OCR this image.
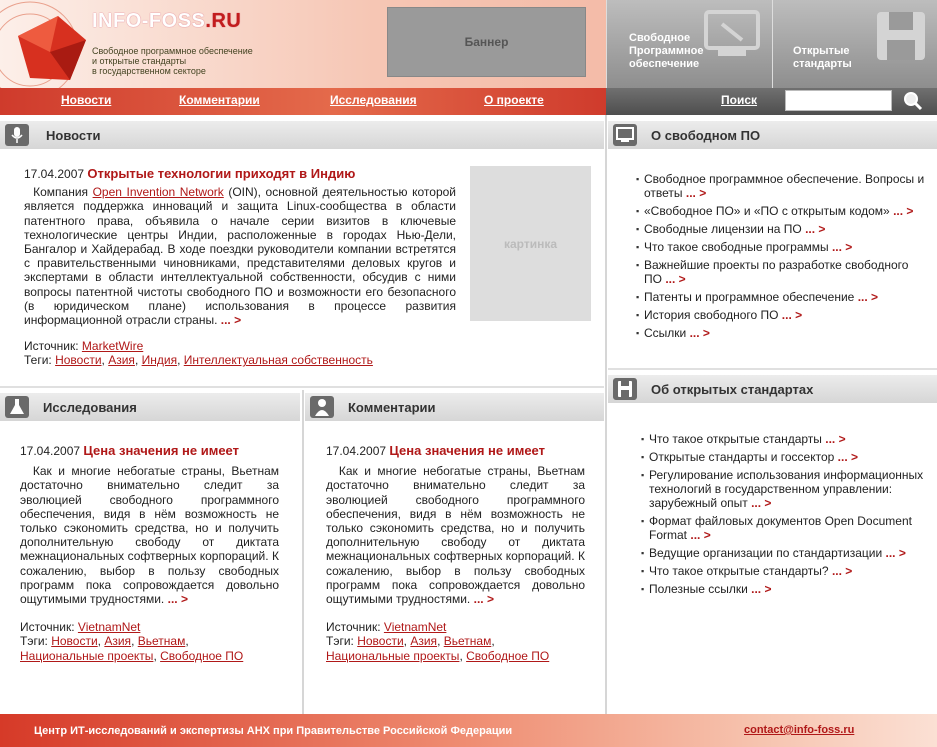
INFO-FOSS.RU
Свободное программное обеспечение
и открытые стандарты
в государственном секторе
Баннер	Свободное
Программное
обеспечение
Открытые
стандарты
Новости	Комментарии	Исследования	О проекте	Поиск
Новости
17.04.2007 Открытые технологии приходят в Индию

Компания Open Invention Network (OIN), основной деятельностью которой является поддержка инноваций и защита Linux-сообщества в области патентного права, объявила о начале серии визитов в ключевые технологические центры Индии, расположенные в городах Нью-Дели, Бангалор и Хайдерабад. В ходе поездки руководители компании встретятся с правительственными чиновниками, представителями деловых кругов и экспертами в области интеллектуальной собственности, обсудив с ними вопросы патентной чистоты свободного ПО и возможности его безопасного (в юридическом плане) использования в процессе развития информационной отрасли страны. ... >

Источник: MarketWire
Теги: Новости, Азия, Индия, Интеллектуальная собственность
картинка
Исследования
17.04.2007 Цена значения не имеет

Как и многие небогатые страны, Вьетнам достаточно внимательно следит за эволюцией свободного программного обеспечения, видя в нём возможность не только сэкономить средства, но и получить дополнительную свободу от диктата межнациональных софтверных корпораций. К сожалению, выбор в пользу свободных программ пока сопровождается довольно ощутимыми трудностями. ... >

Источник: VietnamNet
Тэги: Новости, Азия, Вьетнам,
Национальные проекты, Свободное ПО
Комментарии
17.04.2007 Цена значения не имеет

Как и многие небогатые страны, Вьетнам достаточно внимательно следит за эволюцией свободного программного обеспечения, видя в нём возможность не только сэкономить средства, но и получить дополнительную свободу от диктата межнациональных софтверных корпораций. К сожалению, выбор в пользу свободных программ пока сопровождается довольно ощутимыми трудностями. ... >

Источник: VietnamNet
Тэги: Новости, Азия, Вьетнам,
Национальные проекты, Свободное ПО
О свободном ПО
▪ Свободное программное обеспечение. Вопросы и ответы ... >
▪ «Свободное ПО» и «ПО с открытым кодом» ... >
▪ Свободные лицензии на ПО ... >
▪ Что такое свободные программы ... >
▪ Важнейшие проекты по разработке свободного ПО ... >
▪ Патенты и программное обеспечение ... >
▪ История свободного ПО ... >
▪ Ссылки ... >
Об открытых стандартах
▪ Что такое открытые стандарты ... >
▪ Открытые стандарты и госсектор ... >
▪ Регулирование использования информационных технологий в государственном управлении: зарубежный опыт ... >
▪ Формат файловых документов Open Document Format ... >
▪ Ведущие организации по стандартизации ... >
▪ Что такое открытые стандарты? ... >
▪ Полезные ссылки ... >
Центр ИТ-исследований и экспертизы АНХ при Правительстве Российской Федерации	contact@info-foss.ru
